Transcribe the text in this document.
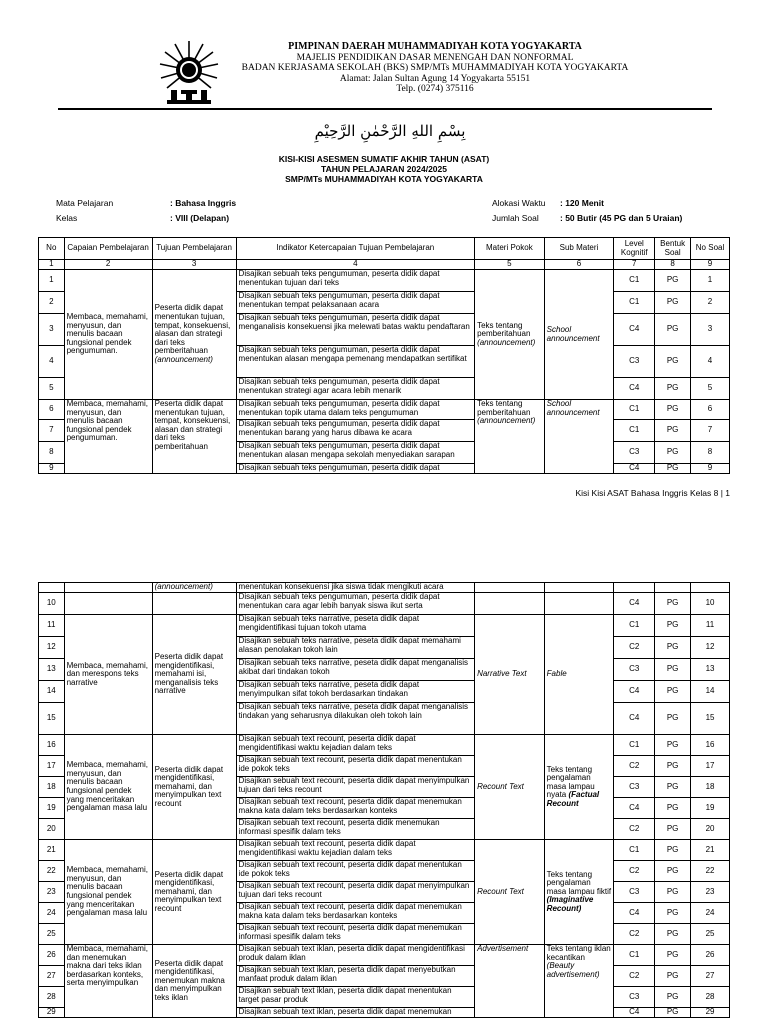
PIMPINAN DAERAH MUHAMMADIYAH KOTA YOGYAKARTA
MAJELIS PENDIDIKAN DASAR MENENGAH DAN NONFORMAL
BADAN KERJASAMA SEKOLAH (BKS) SMP/MTs MUHAMMADIYAH KOTA YOGYAKARTA
Alamat: Jalan Sultan Agung 14 Yogyakarta 55151
Telp. (0274) 375116
بِسْمِ اللهِ الرَّحْمٰنِ الرَّحِيْمِ
KISI-KISI ASESMEN SUMATIF AKHIR TAHUN (ASAT)
TAHUN PELAJARAN 2024/2025
SMP/MTs MUHAMMADIYAH KOTA YOGYAKARTA
Mata Pelajaran	: Bahasa Inggris
Kelas	: VIII (Delapan)
Alokasi Waktu : 120 Menit
Jumlah Soal : 50 Butir (45 PG dan 5 Uraian)
No	Capaian Pembelajaran	Tujuan Pembelajaran	Indikator Ketercapaian Tujuan Pembelajaran	Materi Pokok	Sub Materi	Level Kognitif	Bentuk Soal	No Soal
1	2	3	4	5	6	7	8	9
1	Membaca, memahami, menyusun, dan menulis bacaan fungsional pendek pengumuman.	Peserta didik dapat menentukan tujuan, tempat, konsekuensi, alasan dan strategi dari teks pemberitahuan (announcement)	Disajikan sebuah teks pengumuman, peserta didik dapat menentukan tujuan dari teks	Teks tentang pemberitahuan (announcement)	School announcement	C1	PG	1
2			Disajikan sebuah teks pengumuman, peserta didik dapat menentukan tempat pelaksanaan acara			C1	PG	2
3			Disajikan sebuah teks pengumuman, peserta didik dapat menganalisis konsekuensi jika melewati batas waktu pendaftaran			C4	PG	3
4			Disajikan sebuah teks pengumuman, peserta didik dapat menentukan alasan mengapa pemenang mendapatkan sertifikat			C3	PG	4
5			Disajikan sebuah teks pengumuman, peserta didik dapat menentukan strategi agar acara lebih menarik			C4	PG	5
6	Membaca, memahami, menyusun, dan menulis bacaan fungsional pendek pengumuman.	Peserta didik dapat menentukan tujuan, tempat, konsekuensi, alasan dan strategi dari teks pemberitahuan	Disajikan sebuah teks pengumuman, peserta didik dapat menentukan topik utama dalam teks pengumuman	Teks tentang pemberitahuan (announcement)	School announcement	C1	PG	6
7			Disajikan sebuah teks pengumuman, peserta didik dapat menentukan barang yang harus dibawa ke acara			C1	PG	7
8			Disajikan sebuah teks pengumuman, peserta didik dapat menentukan alasan mengapa sekolah menyediakan sarapan			C3	PG	8
9			Disajikan sebuah teks pengumuman, peserta didik dapat			C4	PG	9
Kisi Kisi ASAT Bahasa Inggris Kelas 8 | 1
		(announcement)	menentukan konsekuensi jika siswa tidak mengikuti acara					
10			Disajikan sebuah teks pengumuman, peserta didik dapat menentukan cara agar lebih banyak siswa ikut serta			C4	PG	10
11	Membaca, memahami, dan merespons teks narrative	Peserta didik dapat mengidentifikasi, memahami isi, menganalisis teks narrative	Disajikan sebuah teks narrative, peseta didik dapat mengidentifikasi tujuan tokoh utama	Narrative Text	Fable	C1	PG	11
12			Disajikan sebuah teks narrative, peseta didik dapat memahami alasan penolakan tokoh lain			C2	PG	12
13			Disajikan sebuah teks narrative, peseta didik dapat menganalisis akibat dari tindakan tokoh			C3	PG	13
14			Disajikan sebuah teks narrative, peseta didik dapat menyimpulkan sifat tokoh berdasarkan tindakan			C4	PG	14
15			Disajikan sebuah teks narrative, peseta didik dapat menganalisis tindakan yang seharusnya dilakukan oleh tokoh lain			C4	PG	15
16	Membaca, memahami, menyusun, dan menulis bacaan fungsional pendek yang menceritakan pengalaman masa lalu	Peserta didik dapat mengidentifikasi, memahami, dan menyimpulkan text recount	Disajikan sebuah text recount, peserta didik dapat mengidentifikasi waktu kejadian dalam teks	Recount Text	Teks tentang pengalaman masa lampau nyata (Factual Recount	C1	PG	16
17			Disajikan sebuah text recount, peserta didik dapat menentukan ide pokok teks			C2	PG	17
18			Disajikan sebuah text recount, peserta didik dapat menyimpulkan tujuan dari teks recount			C3	PG	18
19			Disajikan sebuah text recount, peserta didik dapat menemukan makna kata dalam teks berdasarkan konteks			C4	PG	19
20			Disajikan sebuah text recount, peserta didik menemukan informasi spesifik dalam teks			C2	PG	20
21	Membaca, memahami, menyusun, dan menulis bacaan fungsional pendek yang menceritakan pengalaman masa lalu	Peserta didik dapat mengidentifikasi, memahami, dan menyimpulkan text recount	Disajikan sebuah text recount, peserta didik dapat mengidentifikasi waktu kejadian dalam teks	Recount Text	Teks tentang pengalaman masa lampau fiktif (Imaginative Recount)	C1	PG	21
22			Disajikan sebuah text recount, peserta didik dapat menentukan ide pokok teks			C2	PG	22
23			Disajikan sebuah text recount, peserta didik dapat menyimpulkan tujuan dari teks recount			C3	PG	23
24			Disajikan sebuah text recount, peserta didik dapat menemukan makna kata dalam teks berdasarkan konteks			C4	PG	24
25			Disajikan sebuah text recount, peserta didik dapat menemukan informasi spesifik dalam teks			C2	PG	25
26	Membaca, memahami, dan menemukan makna dari teks iklan berdasarkan konteks, serta menyimpulkan	Peserta didik dapat mengidentifikasi, menemukan makna dan menyimpulkan teks iklan	Disajikan sebuah text iklan, peserta didik dapat mengidentifikasi produk dalam iklan	Advertisement	Teks tentang iklan kecantikan (Beauty advertisement)	C1	PG	26
27			Disajikan sebuah text iklan, peserta didik dapat menyebutkan manfaat produk dalam iklan			C2	PG	27
28			Disajikan sebuah text iklan, peserta didik dapat menentukan target pasar produk			C3	PG	28
29			Disajikan sebuah text iklan, peserta didik dapat menemukan			C4	PG	29
